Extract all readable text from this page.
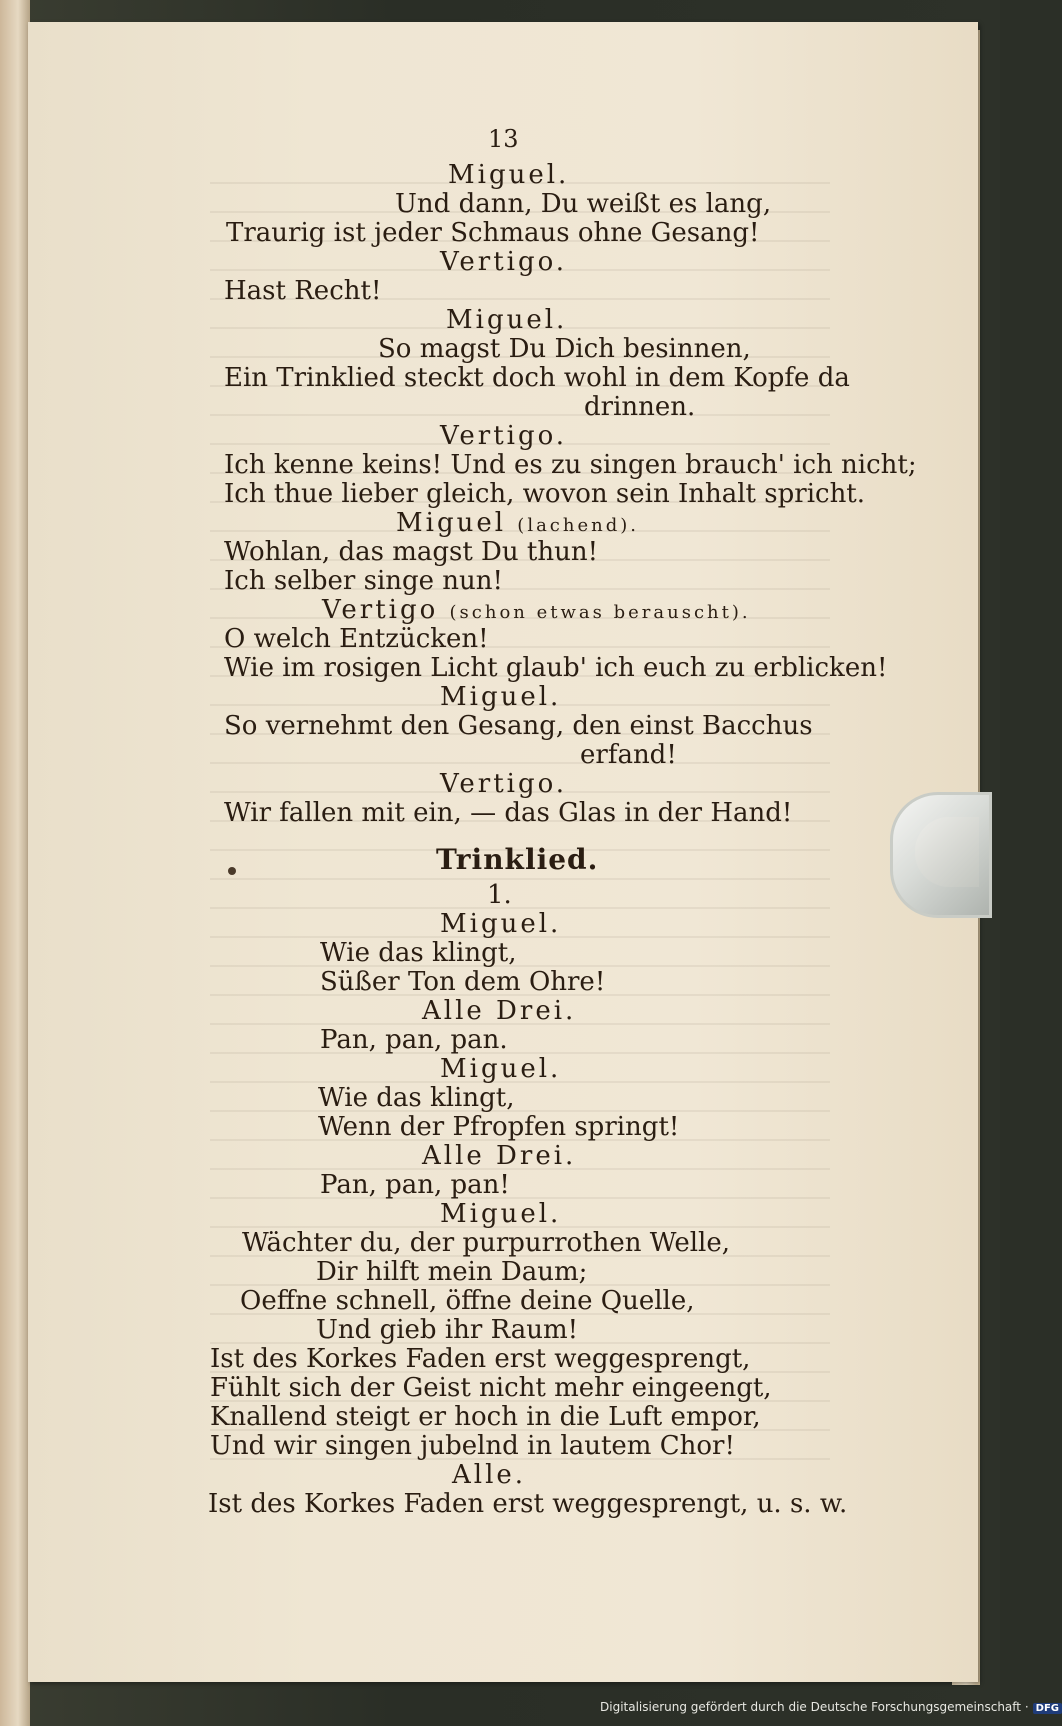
13
Miguel.
Und dann, Du weißt es lang,
Traurig ist jeder Schmaus ohne Gesang!
Vertigo.
Hast Recht!
Miguel.
So magst Du Dich besinnen,
Ein Trinklied steckt doch wohl in dem Kopfe da
drinnen.
Vertigo.
Ich kenne keins! Und es zu singen brauch' ich nicht;
Ich thue lieber gleich, wovon sein Inhalt spricht.
Miguel (lachend).
Wohlan, das magst Du thun!
Ich selber singe nun!
Vertigo (schon etwas berauscht).
O welch Entzücken!
Wie im rosigen Licht glaub' ich euch zu erblicken!
Miguel.
So vernehmt den Gesang, den einst Bacchus
erfand!
Vertigo.
Wir fallen mit ein, — das Glas in der Hand!
Trinklied.
1.
Miguel.
Wie das klingt,
Süßer Ton dem Ohre!
Alle Drei.
Pan, pan, pan.
Miguel.
Wie das klingt,
Wenn der Pfropfen springt!
Alle Drei.
Pan, pan, pan!
Miguel.
Wächter du, der purpurrothen Welle,
Dir hilft mein Daum;
Oeffne schnell, öffne deine Quelle,
Und gieb ihr Raum!
Ist des Korkes Faden erst weggesprengt,
Fühlt sich der Geist nicht mehr eingeengt,
Knallend steigt er hoch in die Luft empor,
Und wir singen jubelnd in lautem Chor!
Alle.
Ist des Korkes Faden erst weggesprengt, u. s. w.
Digitalisierung gefördert durch die Deutsche Forschungsgemeinschaft · DFG
